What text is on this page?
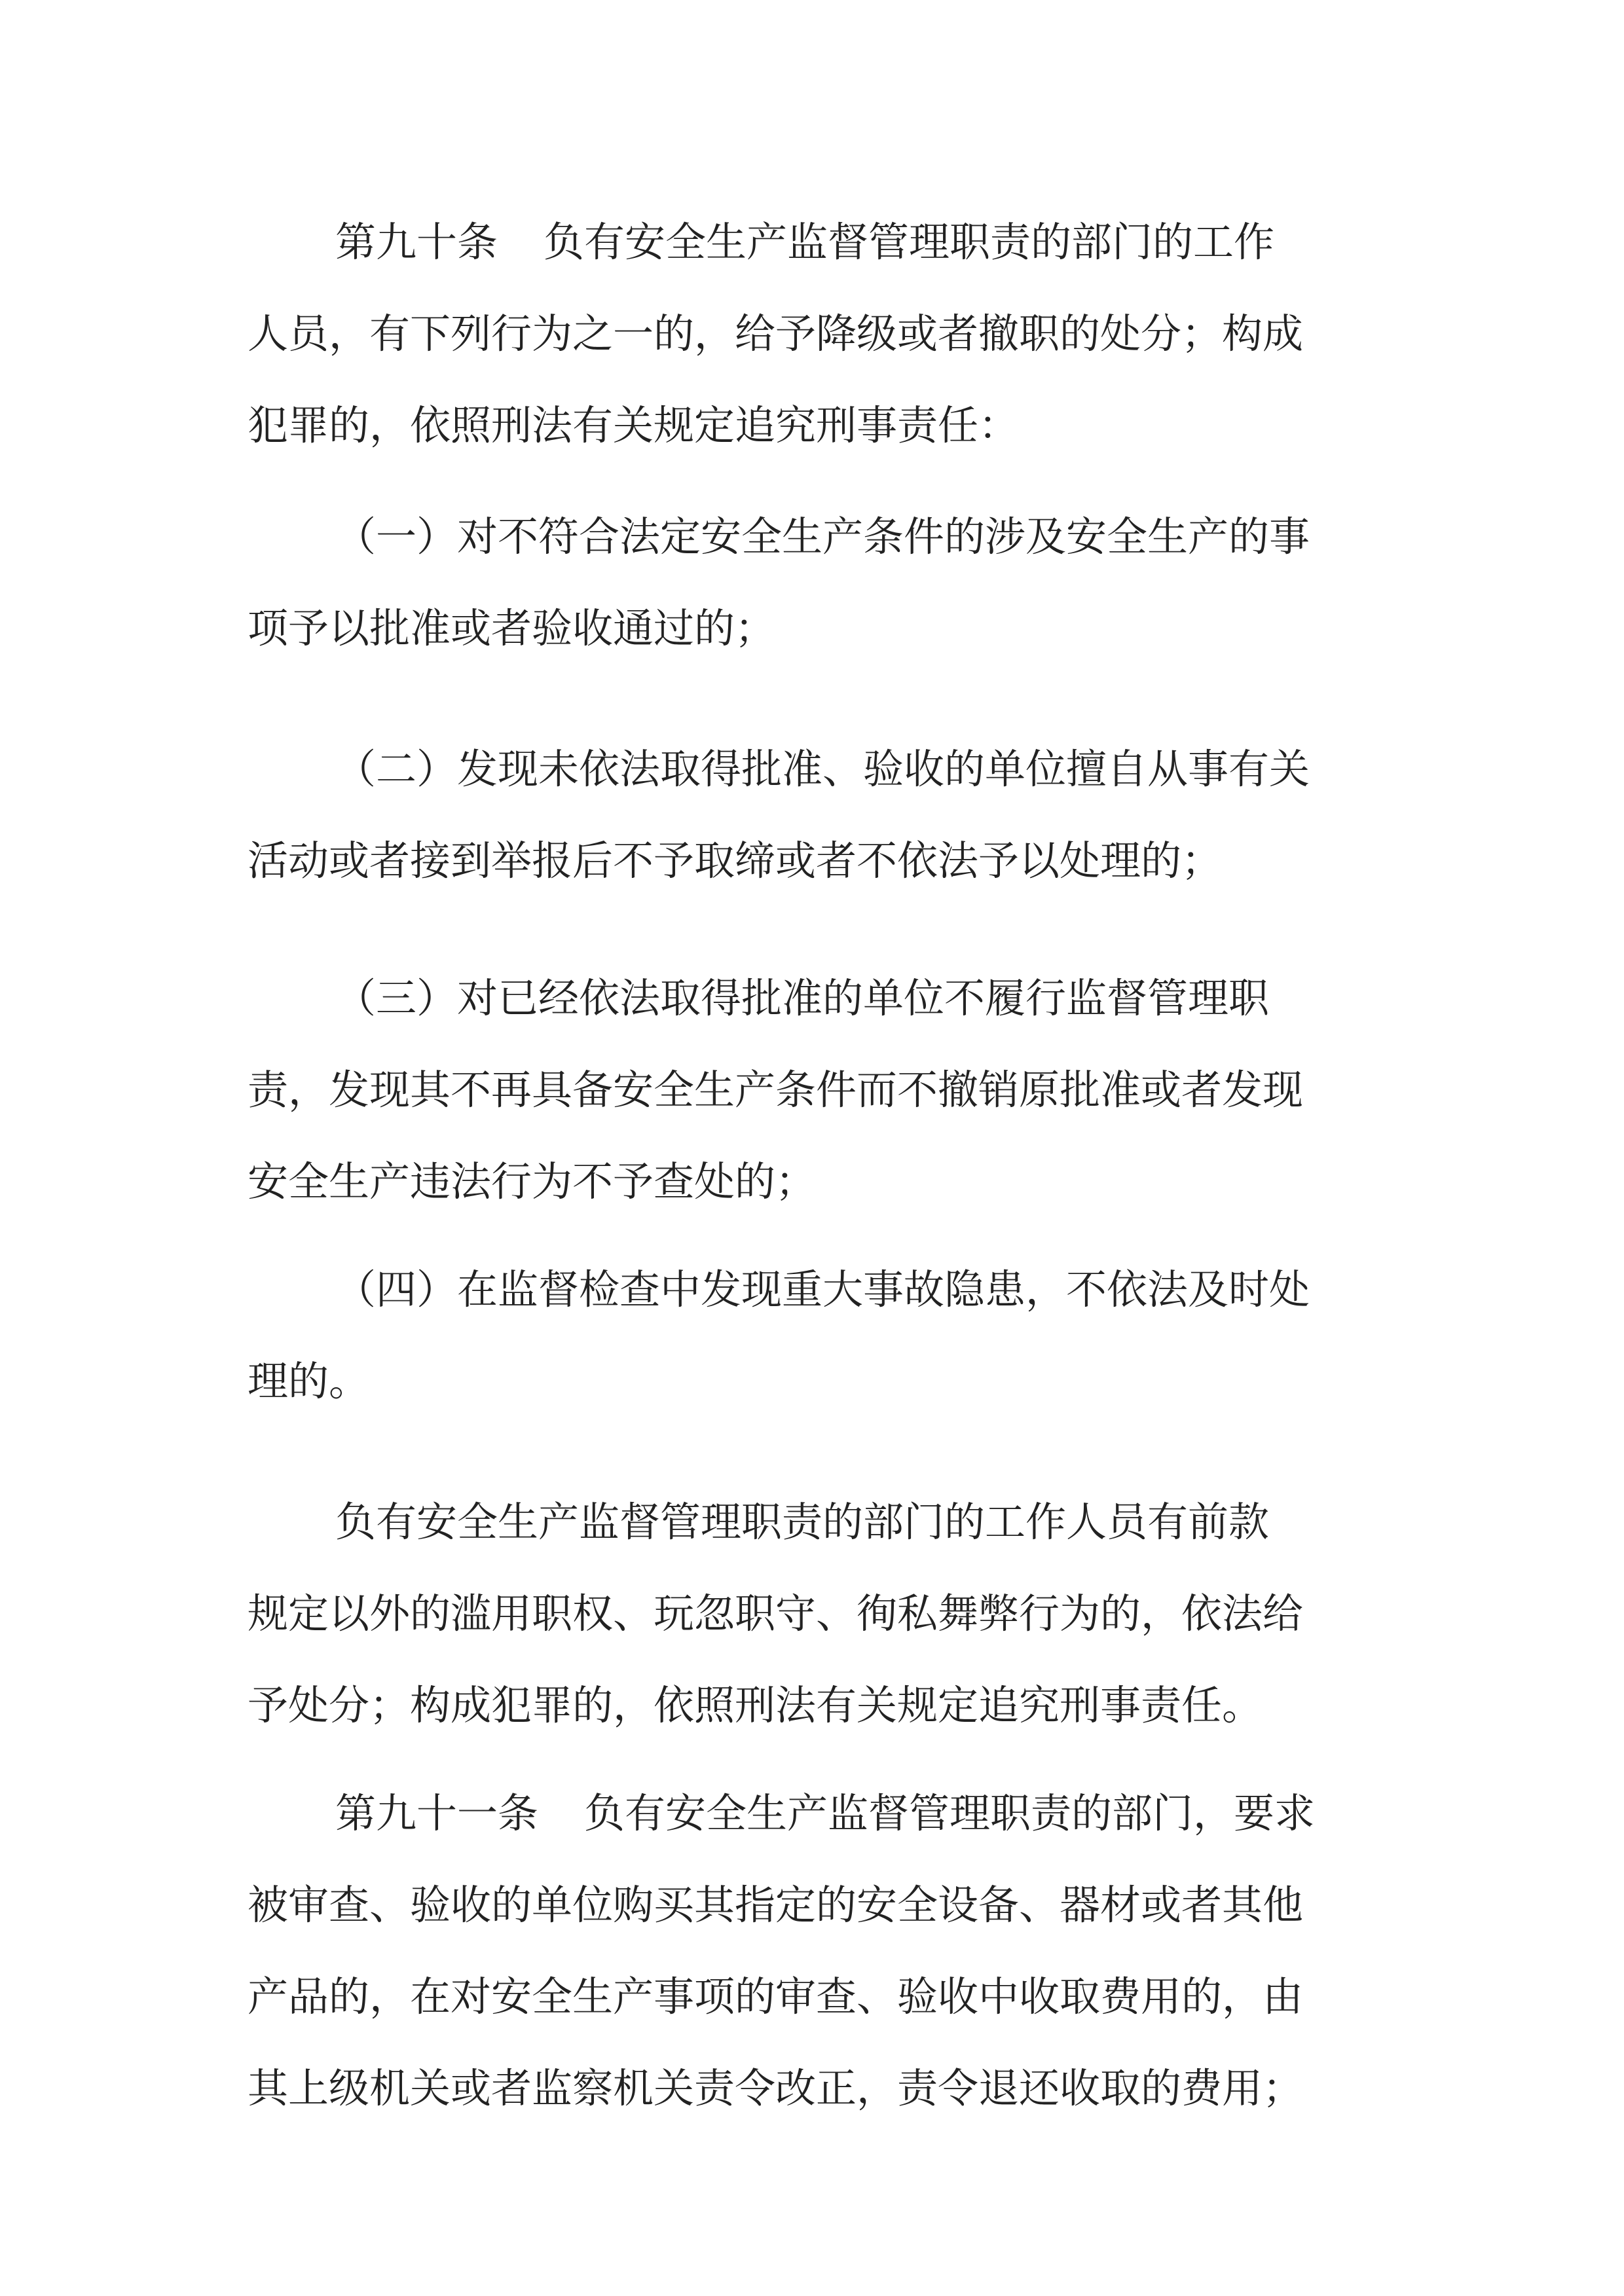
第九十条 负有安全生产监督管理职责的部门的工作
人员，有下列行为之一的，给予降级或者撤职的处分；构成
犯罪的，依照刑法有关规定追究刑事责任：
（一）对不符合法定安全生产条件的涉及安全生产的事
项予以批准或者验收通过的；
（二）发现未依法取得批准、验收的单位擅自从事有关
活动或者接到举报后不予取缔或者不依法予以处理的；
（三）对已经依法取得批准的单位不履行监督管理职
责，发现其不再具备安全生产条件而不撤销原批准或者发现
安全生产违法行为不予查处的；
（四）在监督检查中发现重大事故隐患，不依法及时处
理的。
负有安全生产监督管理职责的部门的工作人员有前款
规定以外的滥用职权、玩忽职守、徇私舞弊行为的，依法给
予处分；构成犯罪的，依照刑法有关规定追究刑事责任。
第九十一条 负有安全生产监督管理职责的部门，要求
被审查、验收的单位购买其指定的安全设备、器材或者其他
产品的，在对安全生产事项的审查、验收中收取费用的，由
其上级机关或者监察机关责令改正，责令退还收取的费用；
